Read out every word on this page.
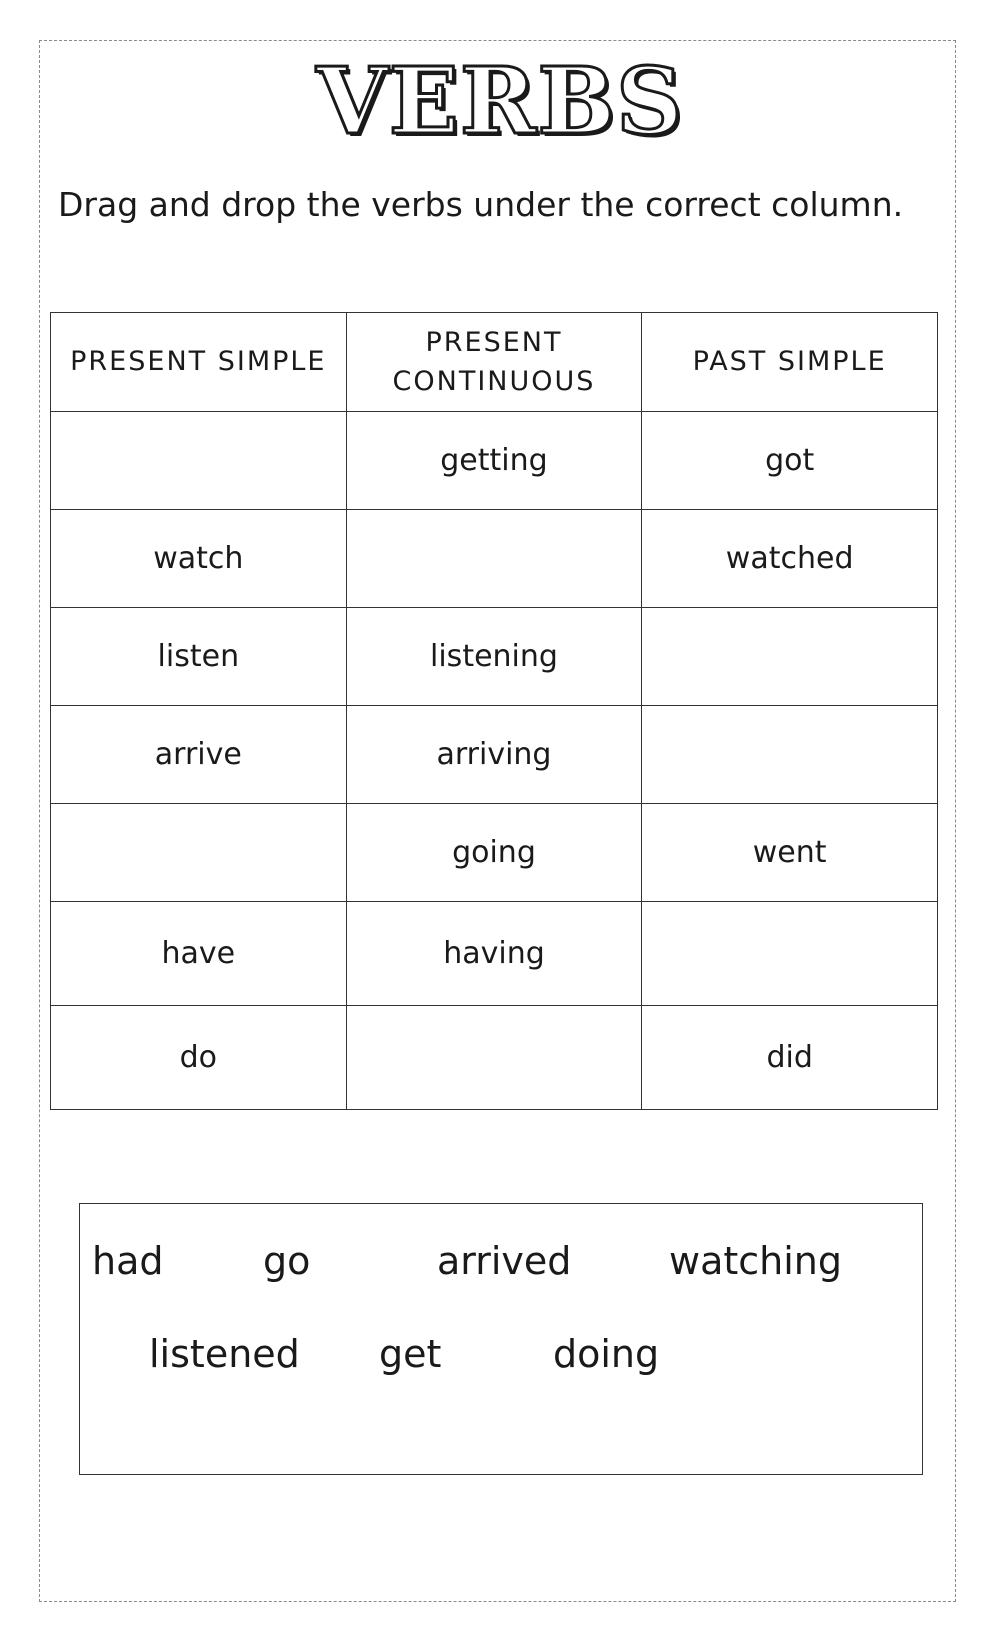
VERBS
Drag and drop the verbs under the correct column.
PRESENT SIMPLE	PRESENT CONTINUOUS	PAST SIMPLE
	getting	got
watch		watched
listen	listening	
arrive	arriving	
	going	went
have	having	
do		did
had	go	arrived	watching
listened get	doing
